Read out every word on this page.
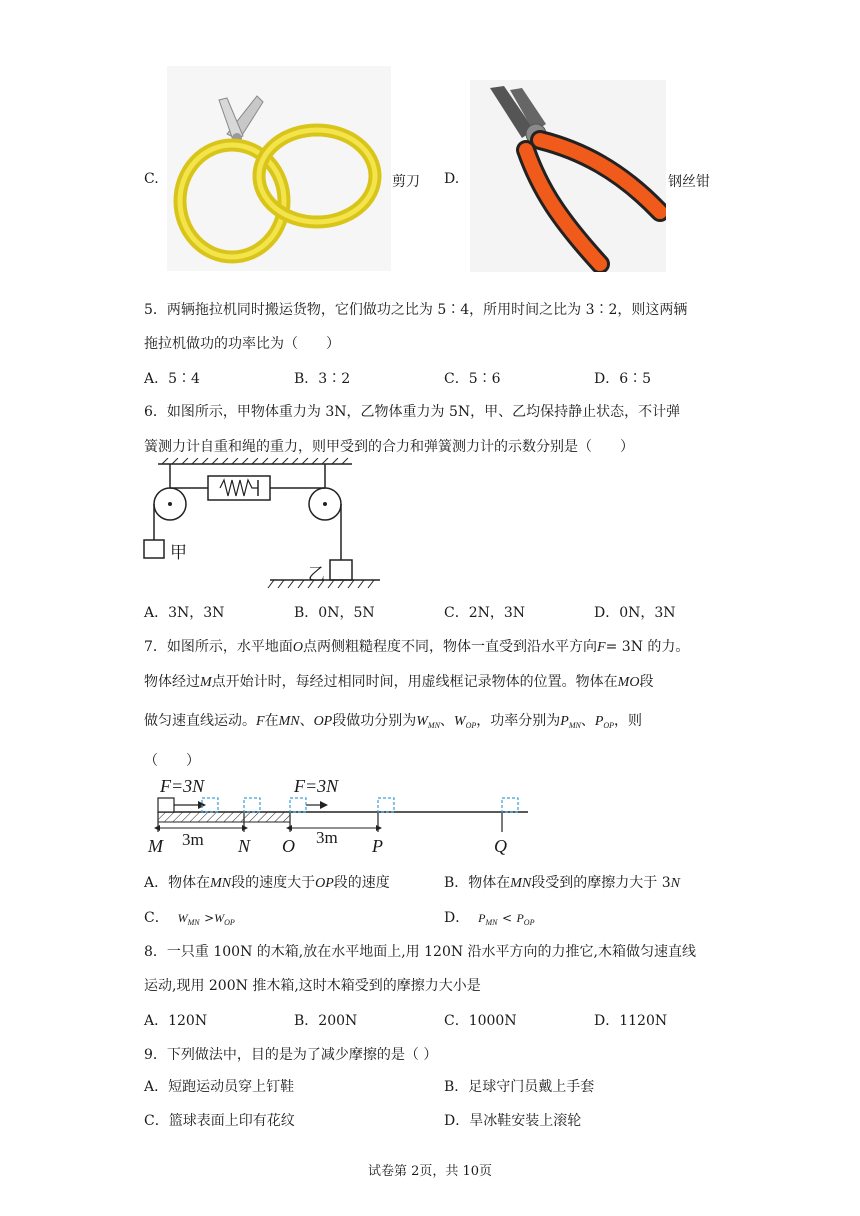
C.	剪刀 D.	钢丝钳
5．两辆拖拉机同时搬运货物，它们做功之比为 5∶4，所用时间之比为 3∶2，则这两辆
拖拉机做功的功率比为（　　）
A．5∶4	B．3∶2	C．5∶6	D．6∶5
6．如图所示，甲物体重力为 3N，乙物体重力为 5N，甲、乙均保持静止状态，不计弹
簧测力计自重和绳的重力，则甲受到的合力和弹簧测力计的示数分别是（　　）
甲
乙
A．3N，3N	B．0N，5N	C．2N，3N	D．0N，3N
7．如图所示，水平地面O点两侧粗糙程度不同，物体一直受到沿水平方向F= 3N 的力。
物体经过M点开始计时，每经过相同时间，用虚线框记录物体的位置。物体在MO段
做匀速直线运动。F在MN、OP段做功分别为$W_{MN}$、$W_{OP}$，功率分别为$P_{MN}$、$P_{OP}$，则
（　　）
F=3N	F=3N
3m	3m
M	N O	P	Q
A．物体在MN段的速度大于OP段的速度	B．物体在MN段受到的摩擦力大于 3N
C． $W_{MN} >W_{OP}$	D． $P_{MN} < P_{OP}$
8．一只重 100N 的木箱,放在水平地面上,用 120N 沿水平方向的力推它,木箱做匀速直线
运动,现用 200N 推木箱,这时木箱受到的摩擦力大小是
A．120N	B．200N	C．1000N	D．1120N
9．下列做法中，目的是为了减少摩擦的是（ ）
A．短跑运动员穿上钉鞋	B．足球守门员戴上手套
C．篮球表面上印有花纹	D．旱冰鞋安装上滚轮
试卷第 2页，共 10页
